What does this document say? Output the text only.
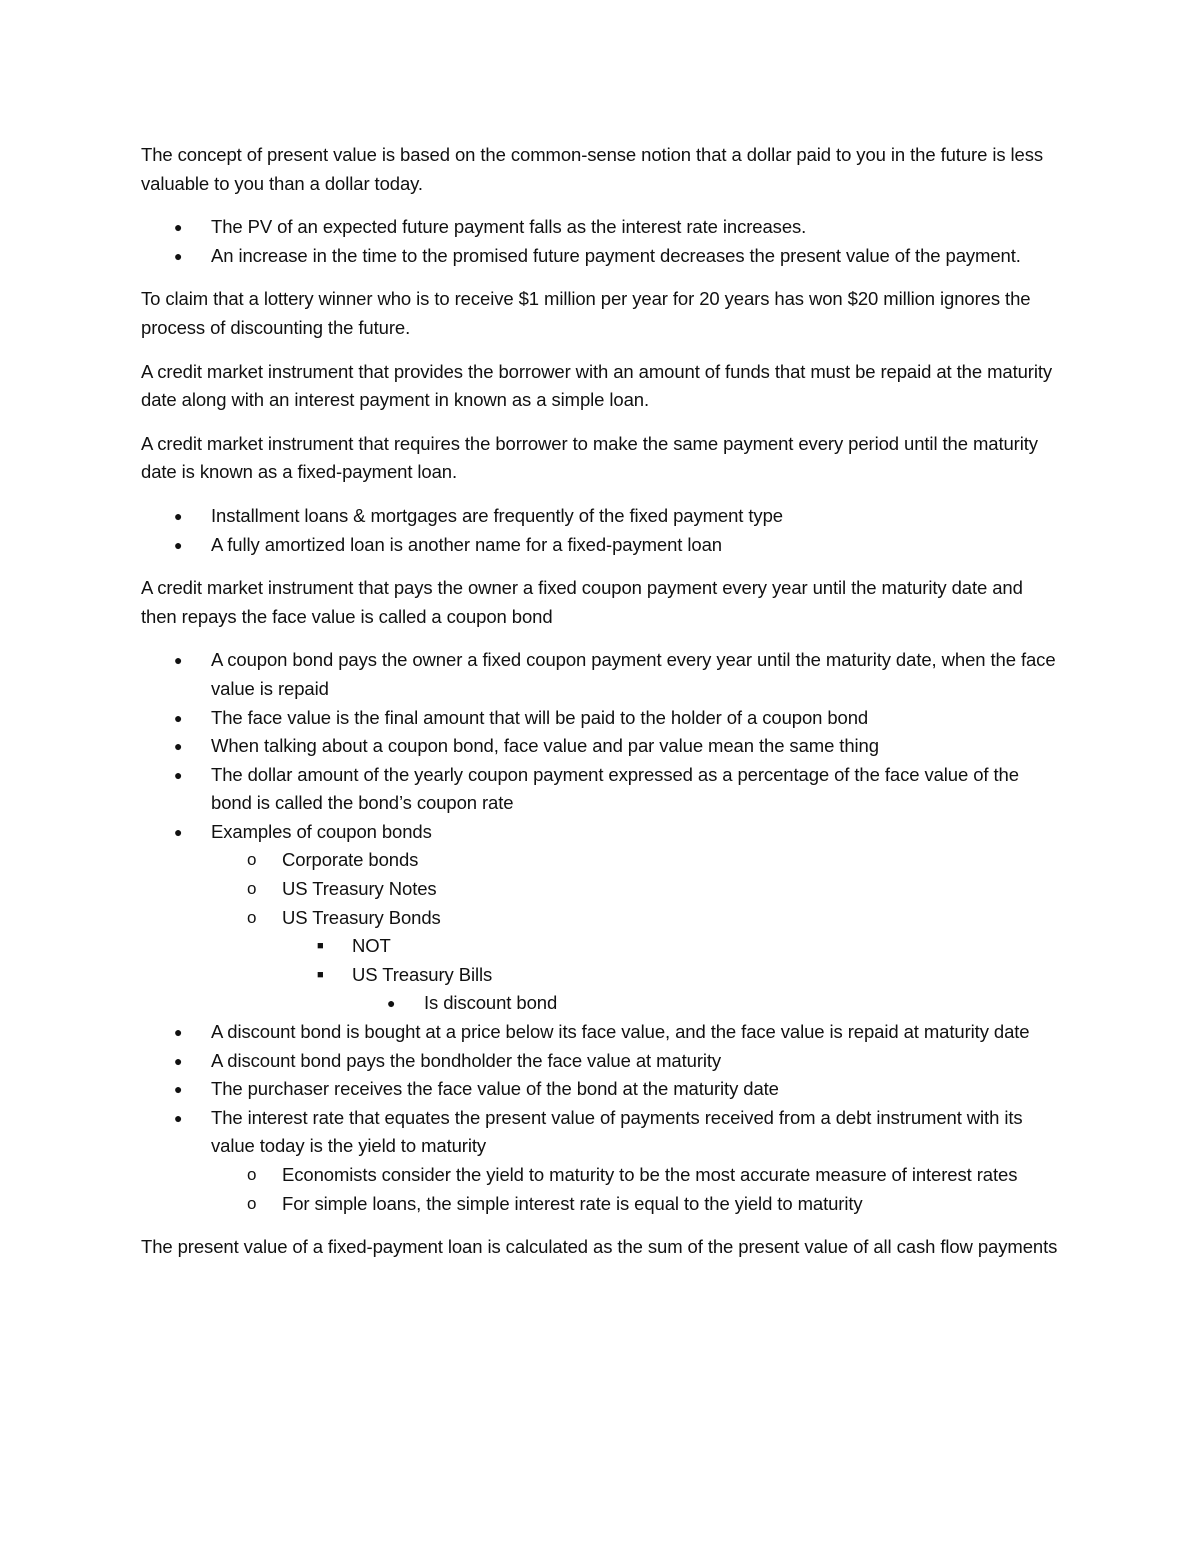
The concept of present value is based on the common-sense notion that a dollar paid to you in the future is less valuable to you than a dollar today.

●
The PV of an expected future payment falls as the interest rate increases.
●
An increase in the time to the promised future payment decreases the present value of the payment.

To claim that a lottery winner who is to receive $1 million per year for 20 years has won $20 million ignores the process of discounting the future.

A credit market instrument that provides the borrower with an amount of funds that must be repaid at the maturity date along with an interest payment in known as a simple loan.

A credit market instrument that requires the borrower to make the same payment every period until the maturity date is known as a fixed-payment loan.

●
Installment loans & mortgages are frequently of the fixed payment type
●
A fully amortized loan is another name for a fixed-payment loan

A credit market instrument that pays the owner a fixed coupon payment every year until the maturity date and then repays the face value is called a coupon bond

●
A coupon bond pays the owner a fixed coupon payment every year until the maturity date, when the face value is repaid
●
The face value is the final amount that will be paid to the holder of a coupon bond
●
When talking about a coupon bond, face value and par value mean the same thing
●
The dollar amount of the yearly coupon payment expressed as a percentage of the face value of the bond is called the bond’s coupon rate
●
Examples of coupon bonds
o
Corporate bonds
o
US Treasury Notes
o
US Treasury Bonds
■
NOT
■
US Treasury Bills
●
Is discount bond
●
A discount bond is bought at a price below its face value, and the face value is repaid at maturity date
●
A discount bond pays the bondholder the face value at maturity
●
The purchaser receives the face value of the bond at the maturity date
●
The interest rate that equates the present value of payments received from a debt instrument with its value today is the yield to maturity
o
Economists consider the yield to maturity to be the most accurate measure of interest rates
o
For simple loans, the simple interest rate is equal to the yield to maturity

The present value of a fixed-payment loan is calculated as the sum of the present value of all cash flow payments
